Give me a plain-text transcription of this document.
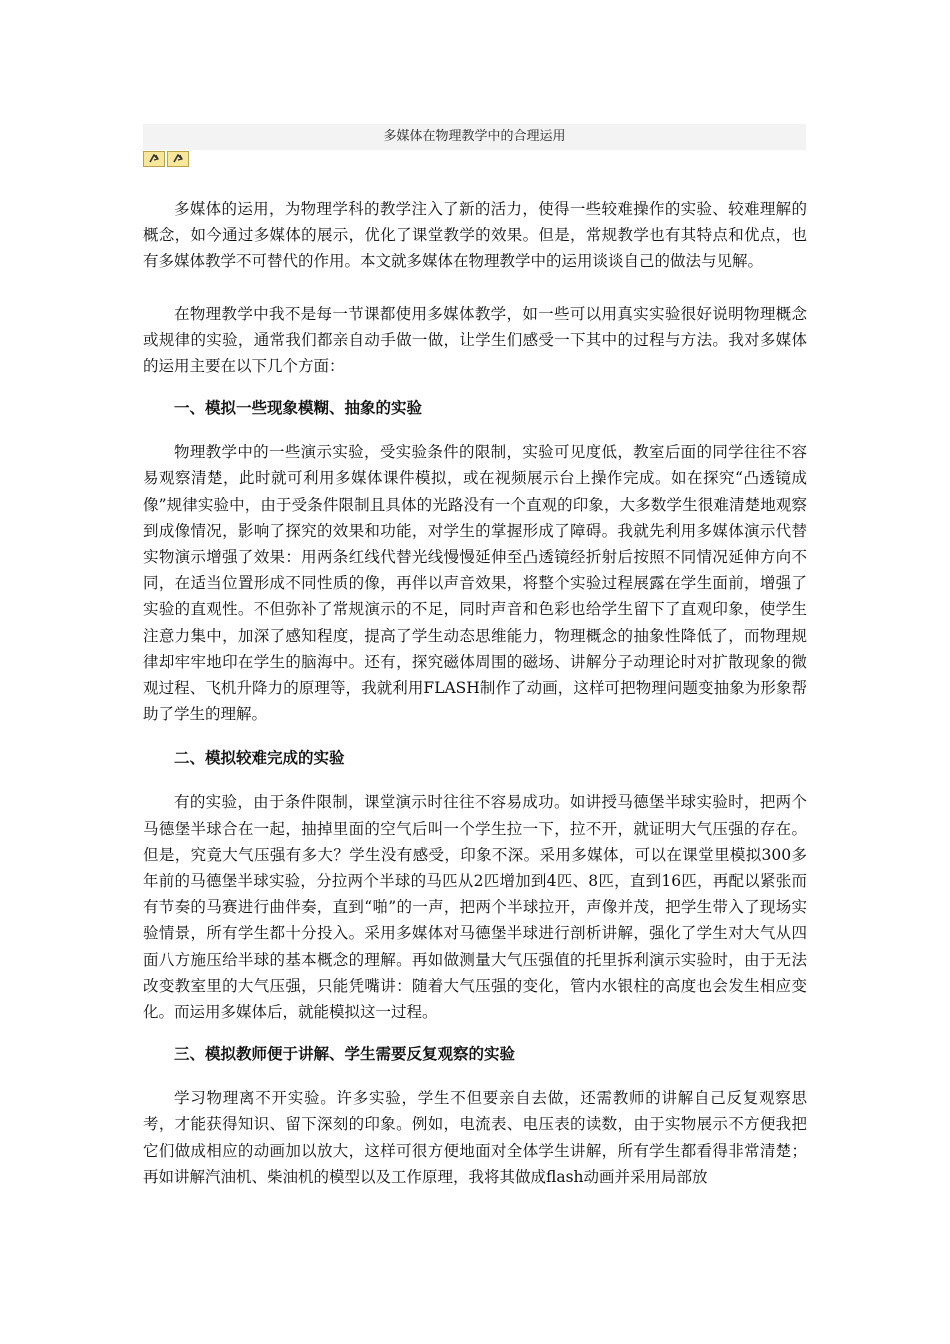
多媒体在物理教学中的合理运用

多媒体的运用，为物理学科的教学注入了新的活力，使得一些较难操作的实验、较难理解的概念，如今通过多媒体的展示，优化了课堂教学的效果。但是，常规教学也有其特点和优点，也有多媒体教学不可替代的作用。本文就多媒体在物理教学中的运用谈谈自己的做法与见解。

在物理教学中我不是每一节课都使用多媒体教学，如一些可以用真实实验很好说明物理概念或规律的实验，通常我们都亲自动手做一做，让学生们感受一下其中的过程与方法。我对多媒体的运用主要在以下几个方面：

一、模拟一些现象模糊、抽象的实验

物理教学中的一些演示实验，受实验条件的限制，实验可见度低，教室后面的同学往往不容易观察清楚，此时就可利用多媒体课件模拟，或在视频展示台上操作完成。如在探究“凸透镜成像”规律实验中，由于受条件限制且具体的光路没有一个直观的印象，大多数学生很难清楚地观察到成像情况，影响了探究的效果和功能，对学生的掌握形成了障碍。我就先利用多媒体演示代替实物演示增强了效果：用两条红线代替光线慢慢延伸至凸透镜经折射后按照不同情况延伸方向不同，在适当位置形成不同性质的像，再伴以声音效果，将整个实验过程展露在学生面前，增强了实验的直观性。不但弥补了常规演示的不足，同时声音和色彩也给学生留下了直观印象，使学生注意力集中，加深了感知程度，提高了学生动态思维能力，物理概念的抽象性降低了，而物理规律却牢牢地印在学生的脑海中。还有，探究磁体周围的磁场、讲解分子动理论时对扩散现象的微观过程、飞机升降力的原理等，我就利用FLASH制作了动画，这样可把物理问题变抽象为形象帮助了学生的理解。

二、模拟较难完成的实验

有的实验，由于条件限制，课堂演示时往往不容易成功。如讲授马德堡半球实验时，把两个马德堡半球合在一起，抽掉里面的空气后叫一个学生拉一下，拉不开，就证明大气压强的存在。但是，究竟大气压强有多大？学生没有感受，印象不深。采用多媒体，可以在课堂里模拟300多年前的马德堡半球实验，分拉两个半球的马匹从2匹增加到4匹、8匹，直到16匹，再配以紧张而有节奏的马赛进行曲伴奏，直到“啪”的一声，把两个半球拉开，声像并茂，把学生带入了现场实验情景，所有学生都十分投入。采用多媒体对马德堡半球进行剖析讲解，强化了学生对大气从四面八方施压给半球的基本概念的理解。再如做测量大气压强值的托里拆利演示实验时，由于无法改变教室里的大气压强，只能凭嘴讲：随着大气压强的变化，管内水银柱的高度也会发生相应变化。而运用多媒体后，就能模拟这一过程。

三、模拟教师便于讲解、学生需要反复观察的实验

学习物理离不开实验。许多实验，学生不但要亲自去做，还需教师的讲解自己反复观察思考，才能获得知识、留下深刻的印象。例如，电流表、电压表的读数，由于实物展示不方便我把它们做成相应的动画加以放大，这样可很方便地面对全体学生讲解，所有学生都看得非常清楚；再如讲解汽油机、柴油机的模型以及工作原理，我将其做成flash动画并采用局部放
